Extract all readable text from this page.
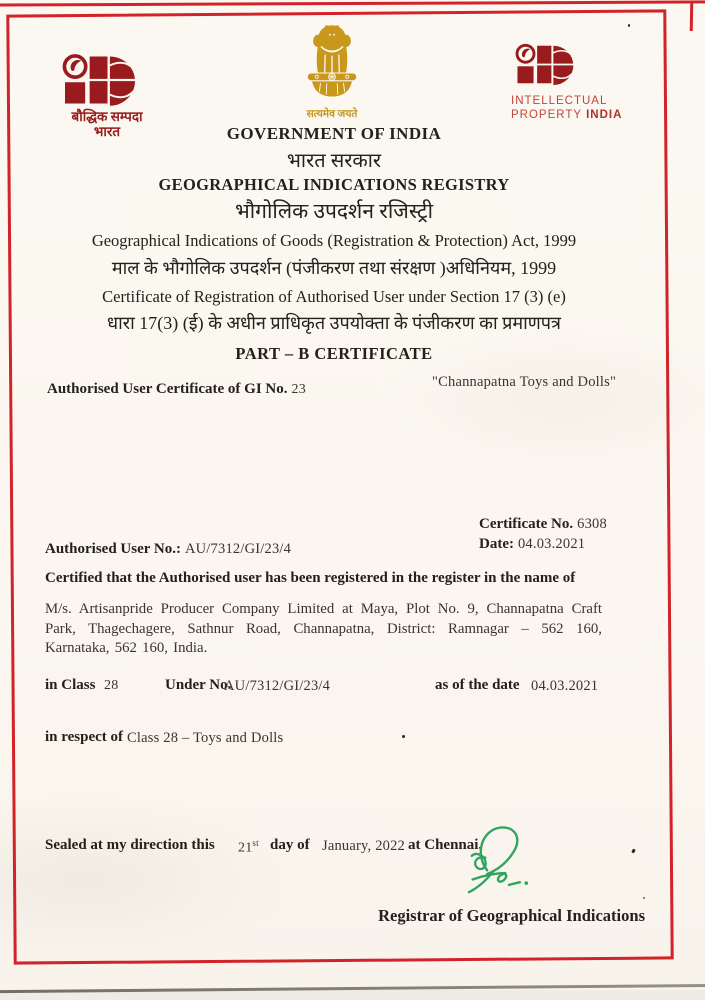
बौद्धिक सम्पदा
भारत
सत्यमेव जयते
INTELLECTUAL
PROPERTY INDIA
GOVERNMENT OF INDIA
भारत सरकार
GEOGRAPHICAL INDICATIONS REGISTRY
भौगोलिक उपदर्शन रजिस्ट्री
Geographical Indications of Goods (Registration & Protection) Act, 1999
माल के भौगोलिक उपदर्शन (पंजीकरण तथा संरक्षण )अधिनियम, 1999
Certificate of Registration of Authorised User under Section 17 (3) (e)
धारा 17(3) (ई) के अधीन प्राधिकृत उपयोक्ता के पंजीकरण का प्रमाणपत्र
PART – B CERTIFICATE
Authorised User Certificate of GI No. 23	"Channapatna Toys and Dolls"
Certificate No. 6308
Date: 04.03.2021
Authorised User No.: AU/7312/GI/23/4
Certified that the Authorised user has been registered in the register in the name of
M/s. Artisanpride Producer Company Limited at Maya, Plot No. 9, Channapatna Craft Park, Thagechagere, Sathnur Road, Channapatna, District: Ramnagar – 562 160, Karnataka, 562 160, India.
in Class 28	Under No.
AU/7312/GI/23/4	as of the date 04.03.2021
in respect of Class 28 – Toys and Dolls
Sealed at my direction this 21st day of January, 2022 at Chennai.
Registrar of Geographical Indications
